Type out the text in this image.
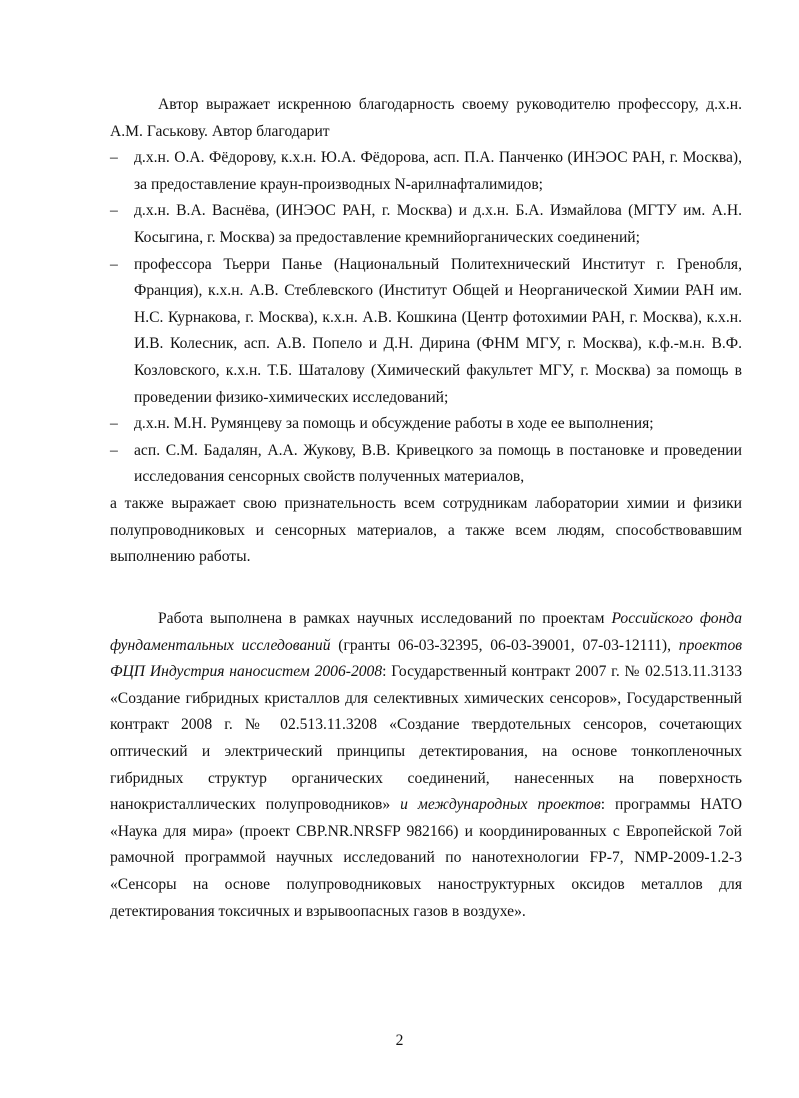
Автор выражает искренною благодарность своему руководителю профессору, д.х.н. А.М. Гаськову. Автор благодарит

– д.х.н. О.А. Фёдорову, к.х.н. Ю.А. Фёдорова, асп. П.А. Панченко (ИНЭОС РАН, г. Москва), за предоставление краун-производных N-арилнафталимидов;
– д.х.н. В.А. Васнёва, (ИНЭОС РАН, г. Москва) и д.х.н. Б.А. Измайлова (МГТУ им. А.Н. Косыгина, г. Москва) за предоставление кремнийорганических соединений;
– профессора Тьерри Панье (Национальный Политехнический Институт г. Гренобля, Франция), к.х.н. А.В. Стеблевского (Институт Общей и Неорганической Химии РАН им. Н.С. Курнакова, г. Москва), к.х.н. А.В. Кошкина (Центр фотохимии РАН, г. Москва), к.х.н. И.В. Колесник, асп. А.В. Попело и Д.Н. Дирина (ФНМ МГУ, г. Москва), к.ф.-м.н. В.Ф. Козловского, к.х.н. Т.Б. Шаталову (Химический факультет МГУ, г. Москва) за помощь в проведении физико-химических исследований;
– д.х.н. М.Н. Румянцеву за помощь и обсуждение работы в ходе ее выполнения;
– асп. С.М. Бадалян, А.А. Жукову, В.В. Кривецкого за помощь в постановке и проведении исследования сенсорных свойств полученных материалов,

а также выражает свою признательность всем сотрудникам лаборатории химии и физики полупроводниковых и сенсорных материалов, а также всем людям, способствовавшим выполнению работы.

Работа выполнена в рамках научных исследований по проектам Российского фонда фундаментальных исследований (гранты 06-03-32395, 06-03-39001, 07-03-12111), проектов ФЦП Индустрия наносистем 2006-2008: Государственный контракт 2007 г. № 02.513.11.3133 «Создание гибридных кристаллов для селективных химических сенсоров», Государственный контракт 2008 г. № 02.513.11.3208 «Создание твердотельных сенсоров, сочетающих оптический и электрический принципы детектирования, на основе тонкопленочных гибридных структур органических соединений, нанесенных на поверхность нанокристаллических полупроводников» и международных проектов: программы НАТО «Наука для мира» (проект CBP.NR.NRSFP 982166) и координированных с Европейской 7ой рамочной программой научных исследований по нанотехнологии FP-7, NMP-2009-1.2-3 «Сенсоры на основе полупроводниковых наноструктурных оксидов металлов для детектирования токсичных и взрывоопасных газов в воздухе».

2
